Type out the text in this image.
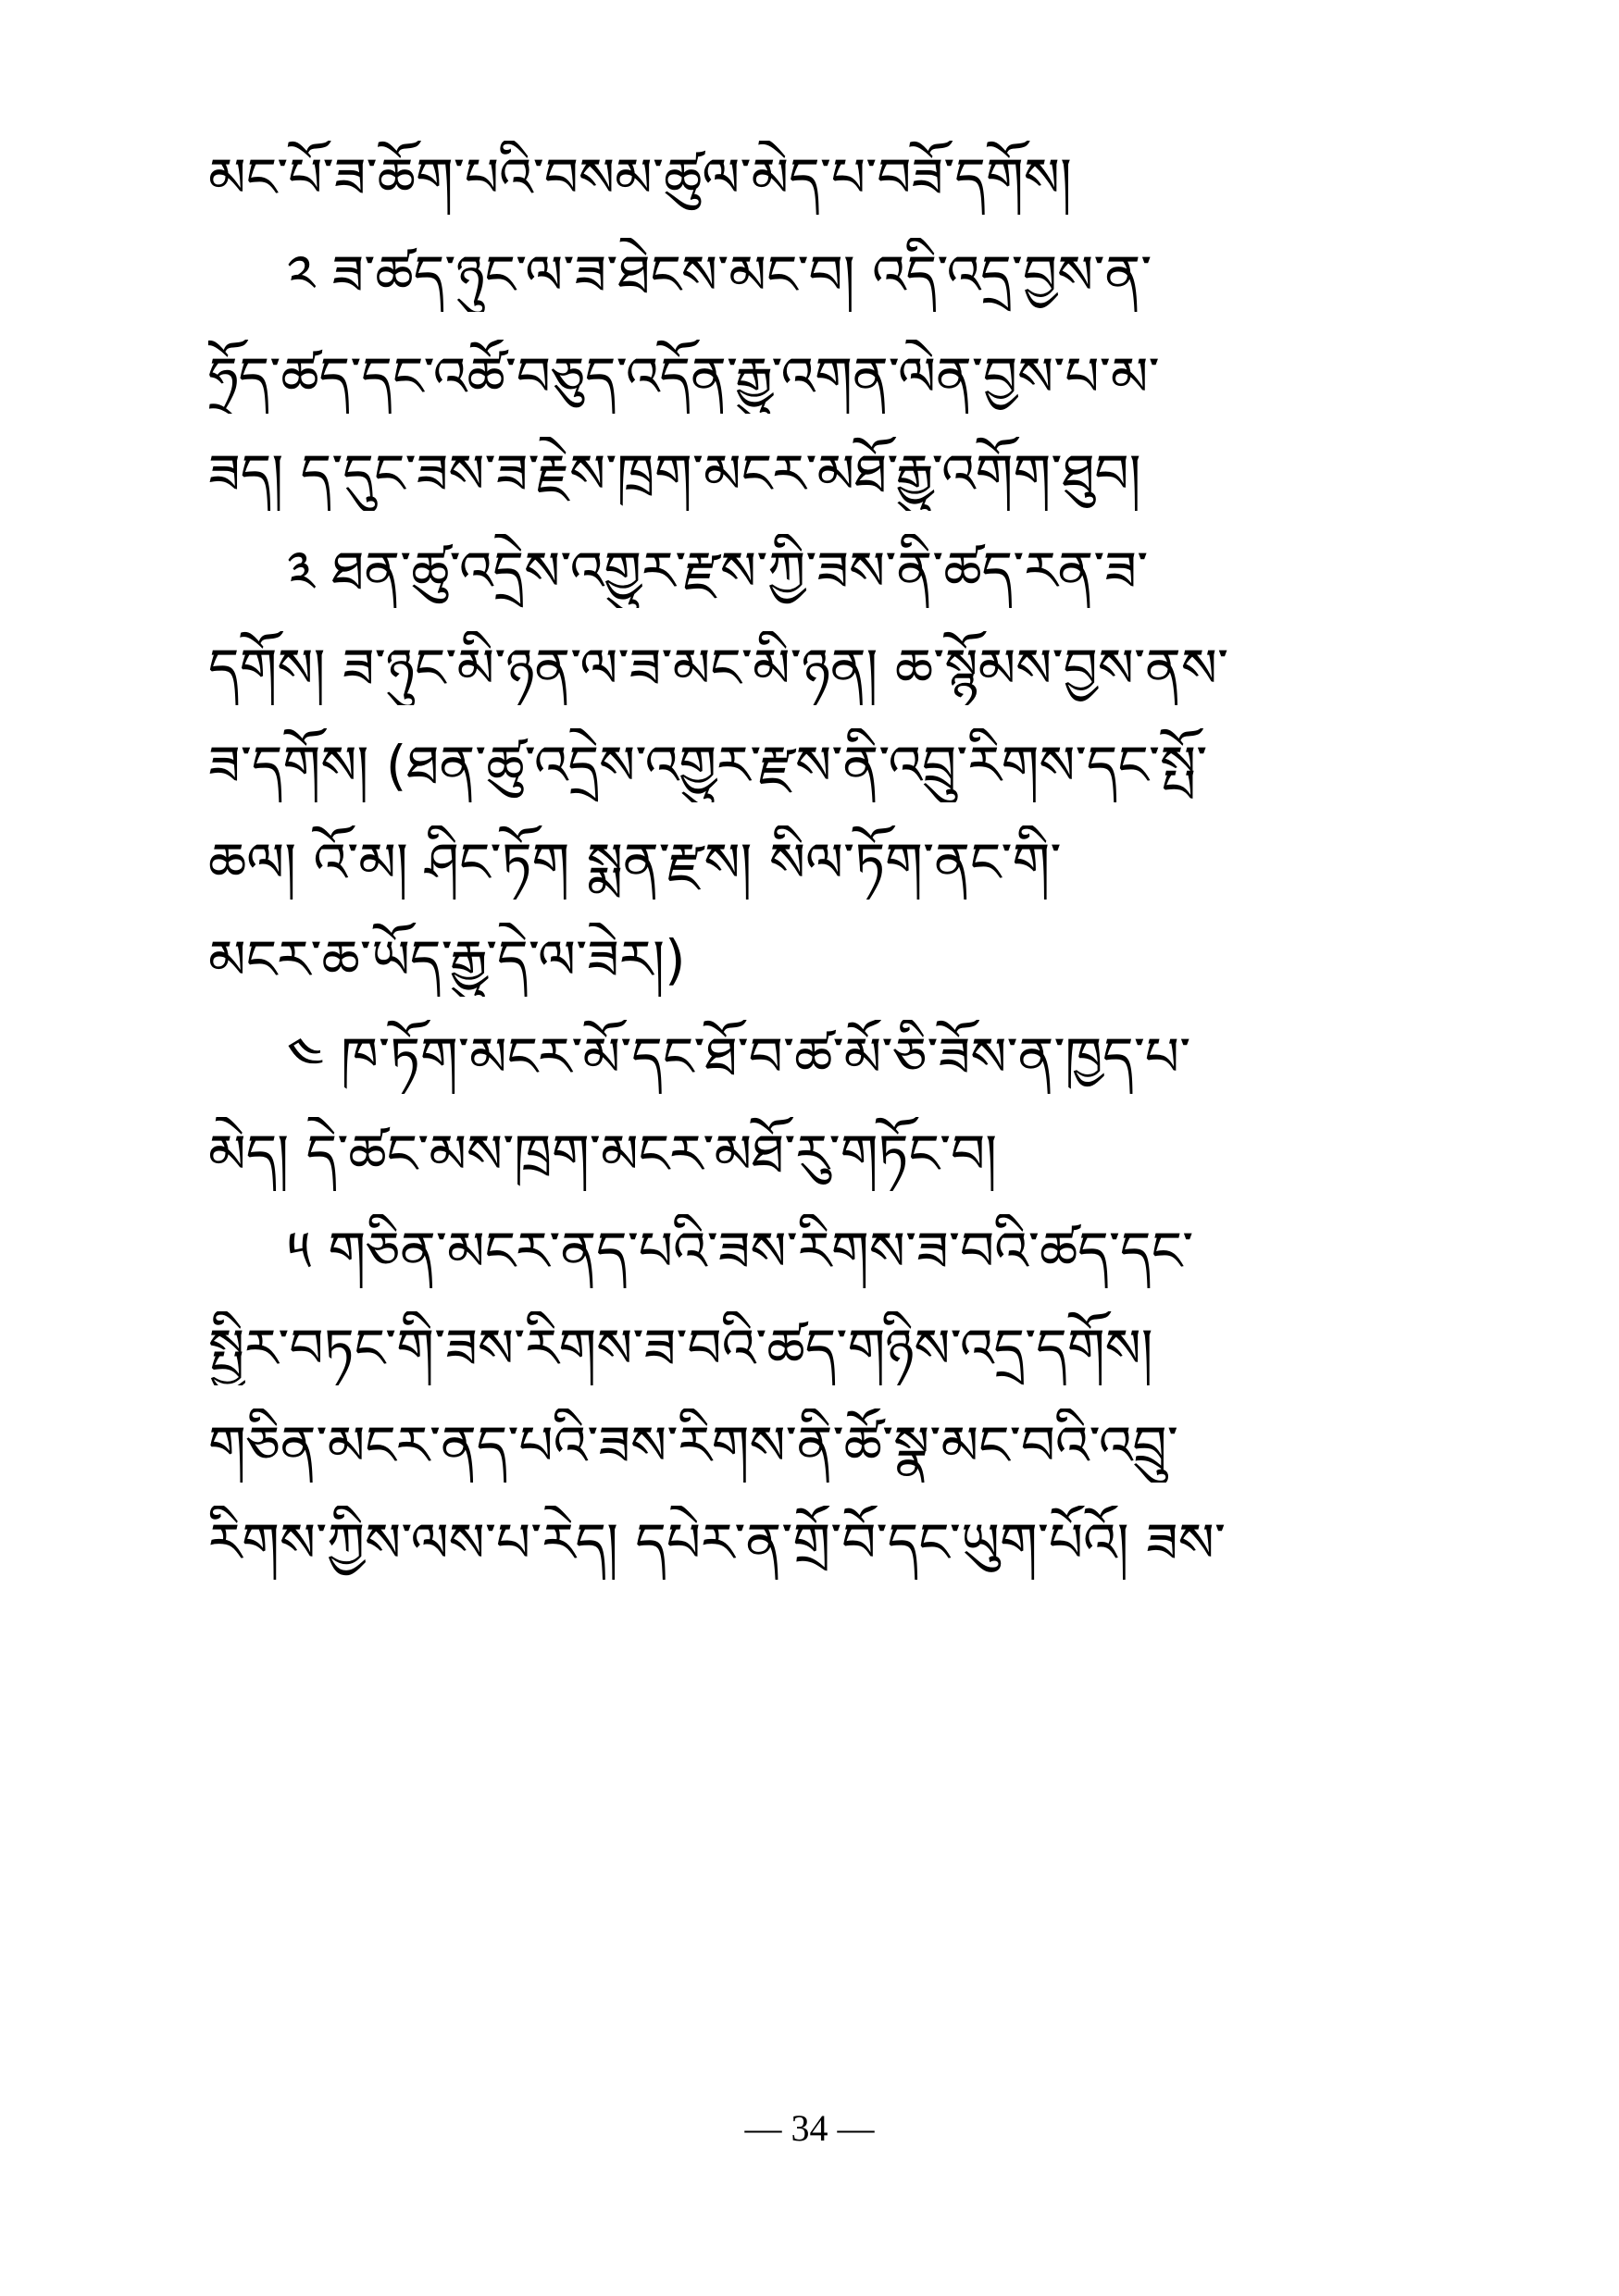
མང་པོ་ཟ་ཆོག་པའི་བསམ་ཚུལ་མེད་པ་བཟོ་དགོས།
༢ ཟ་ཚད་ཉུང་ལ་ཟ་ཐེངས་མང་བ། འདི་འདྲ་བྱས་ན་
ཧྲོད་ཚད་དང་འཚོ་བཅུད་འདོན་རྒྱུ་འགན་ལེན་བྱས་པ་མ་
ཟད། ད་དུང་ཟས་ཟ་རྗེས་ཁྲག་མངར་མཐོ་རྒྱུ་འགོག་ཐུབ།
༣ ཐན་ཚུ་འདྲེས་འགྱུར་རྫས་ཀྱི་ཟས་ནི་ཚད་རན་ཟ་
དགོས། ཟ་ཉུང་མི་ཉན་ལ་ཟ་མང་མི་ཉན། ཆ་སྙོམས་བྱས་ནས་
ཟ་དགོས། (ཐན་ཚུ་འདྲེས་འགྱུར་རྫས་ནི་འབྲུ་རིགས་དང་སྤོ་
ཆལ། འོ་མ། ཤིང་ཏོག སྨན་རྫས། སིལ་ཏོག་ནང་གི་
མངར་ཆ་ཡོད་རྒྱུ་དེ་ལ་ཟེར།)
༤ ཁ་ཏོག་མངར་མོ་དང་ཐོ་བ་ཚ་མོ་ཅི་ཟོས་ན་ཁྱད་པ་
མེད། དེ་ཚང་མས་ཁྲག་མངར་མཐོ་རུ་གཏོང་བ།
༥ གཅིན་མངར་ནད་པའི་ཟས་རིགས་ཟ་བའི་ཚད་དང་
སྤྱིར་བཏང་གི་ཟས་རིགས་ཟ་བའི་ཚད་གཉིས་འདྲ་དགོས།
གཅིན་མངར་ནད་པའི་ཟས་རིགས་ནི་ཚོ་སྣ་མང་བའི་འབྲུ་
རིགས་ཀྱིས་ལས་པ་རེད། དཔེར་ན་གྲོ་བོ་དང་ཡུག་པོའོ། ཟས་
— 34 —
